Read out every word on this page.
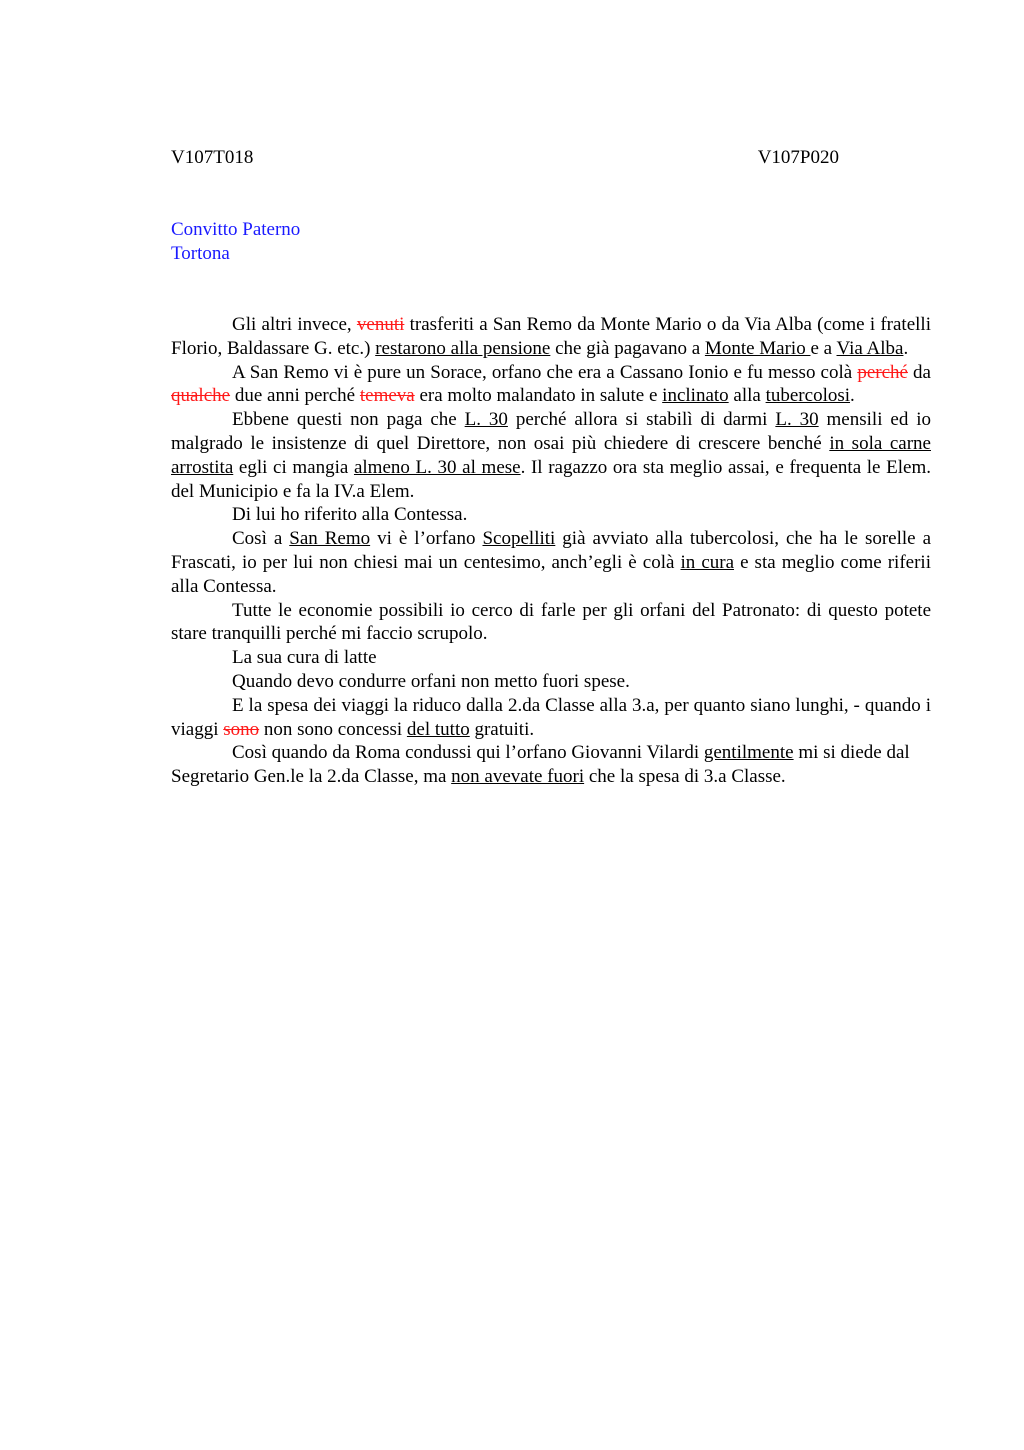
V107T018	V107P020
Convitto Paterno
Tortona

Gli altri invece, venuti trasferiti a San Remo da Monte Mario o da Via Alba (come i fratelli Florio, Baldassare G. etc.) restarono alla pensione che già pagavano a Monte Mario e a Via Alba.

A San Remo vi è pure un Sorace, orfano che era a Cassano Ionio e fu messo colà perché da qualche due anni perché temeva era molto malandato in salute e inclinato alla tubercolosi.

Ebbene questi non paga che L. 30 perché allora si stabilì di darmi L. 30 mensili ed io malgrado le insistenze di quel Direttore, non osai più chiedere di crescere benché in sola carne arrostita egli ci mangia almeno L. 30 al mese. Il ragazzo ora sta meglio assai, e frequenta le Elem. del Municipio e fa la IV.a Elem.

Di lui ho riferito alla Contessa.

Così a San Remo vi è l’orfano Scopelliti già avviato alla tubercolosi, che ha le sorelle a Frascati, io per lui non chiesi mai un centesimo, anch’egli è colà in cura e sta meglio come riferii alla Contessa.

Tutte le economie possibili io cerco di farle per gli orfani del Patronato: di questo potete stare tranquilli perché mi faccio scrupolo.

La sua cura di latte

Quando devo condurre orfani non metto fuori spese.

E la spesa dei viaggi la riduco dalla 2.da Classe alla 3.a, per quanto siano lunghi, - quando i viaggi sono non sono concessi del tutto gratuiti.

Così quando da Roma condussi qui l’orfano Giovanni Vilardi gentilmente mi si diede dal Segretario Gen.le la 2.da Classe, ma non avevate fuori che la spesa di 3.a Classe.
